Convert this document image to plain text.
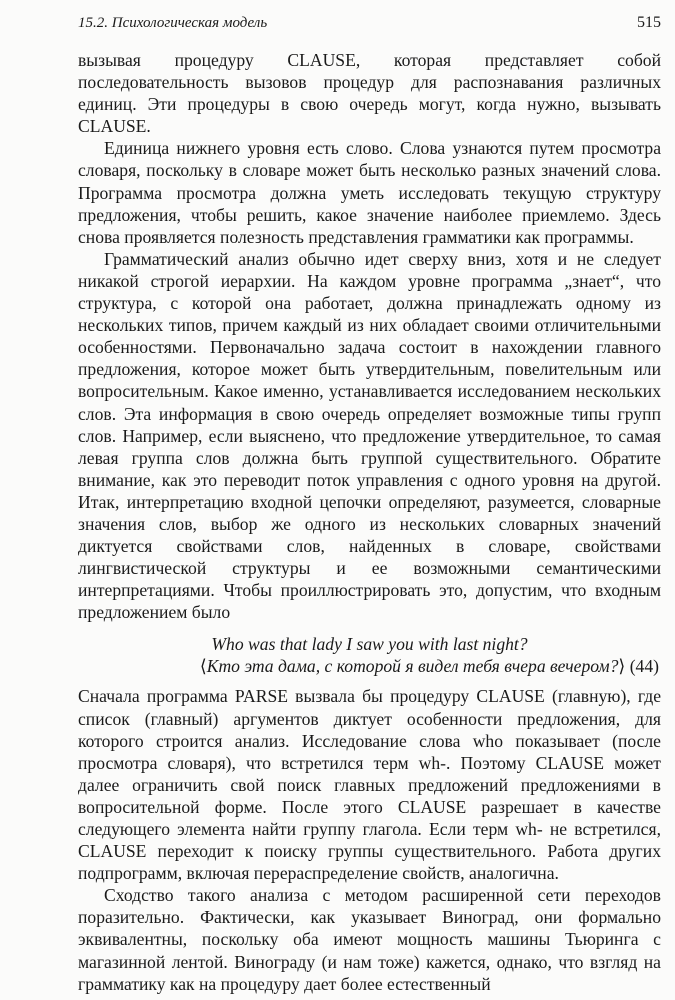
15.2. Психологическая модель	515

вызывая процедуру CLAUSE, которая представляет собой последовательность вызовов процедур для распознавания различных единиц. Эти процедуры в свою очередь могут, когда нужно, вызывать CLAUSE.

Единица нижнего уровня есть слово. Слова узнаются путем просмотра словаря, поскольку в словаре может быть несколько разных значений слова. Программа просмотра должна уметь исследовать текущую структуру предложения, чтобы решить, какое значение наиболее приемлемо. Здесь снова проявляется полезность представления грамматики как программы.

Грамматический анализ обычно идет сверху вниз, хотя и не следует никакой строгой иерархии. На каждом уровне программа „знает“, что структура, с которой она работает, должна принадлежать одному из нескольких типов, причем каждый из них обладает своими отличительными особенностями. Первоначально задача состоит в нахождении главного предложения, которое может быть утвердительным, повелительным или вопросительным. Какое именно, устанавливается исследованием нескольких слов. Эта информация в свою очередь определяет возможные типы групп слов. Например, если выяснено, что предложение утвердительное, то самая левая группа слов должна быть группой существительного. Обратите внимание, как это переводит поток управления с одного уровня на другой. Итак, интерпретацию входной цепочки определяют, разумеется, словарные значения слов, выбор же одного из нескольких словарных значений диктуется свойствами слов, найденных в словаре, свойствами лингвистической структуры и ее возможными семантическими интерпретациями. Чтобы проиллюстрировать это, допустим, что входным предложением было

Who was that lady I saw you with last night?
⟨Кто эта дама, с которой я видел тебя вчера вечером?⟩ (44)

Сначала программа PARSE вызвала бы процедуру CLAUSE (главную), где список (главный) аргументов диктует особенности предложения, для которого строится анализ. Исследование слова who показывает (после просмотра словаря), что встретился терм wh-. Поэтому CLAUSE может далее ограничить свой поиск главных предложений предложениями в вопросительной форме. После этого CLAUSE разрешает в качестве следующего элемента найти группу глагола. Если терм wh- не встретился, CLAUSE переходит к поиску группы существительного. Работа других подпрограмм, включая перераспределение свойств, аналогична.

Сходство такого анализа с методом расширенной сети переходов поразительно. Фактически, как указывает Виноград, они формально эквивалентны, поскольку оба имеют мощность машины Тьюринга с магазинной лентой. Винограду (и нам тоже) кажется, однако, что взгляд на грамматику как на процедуру дает более естественный
